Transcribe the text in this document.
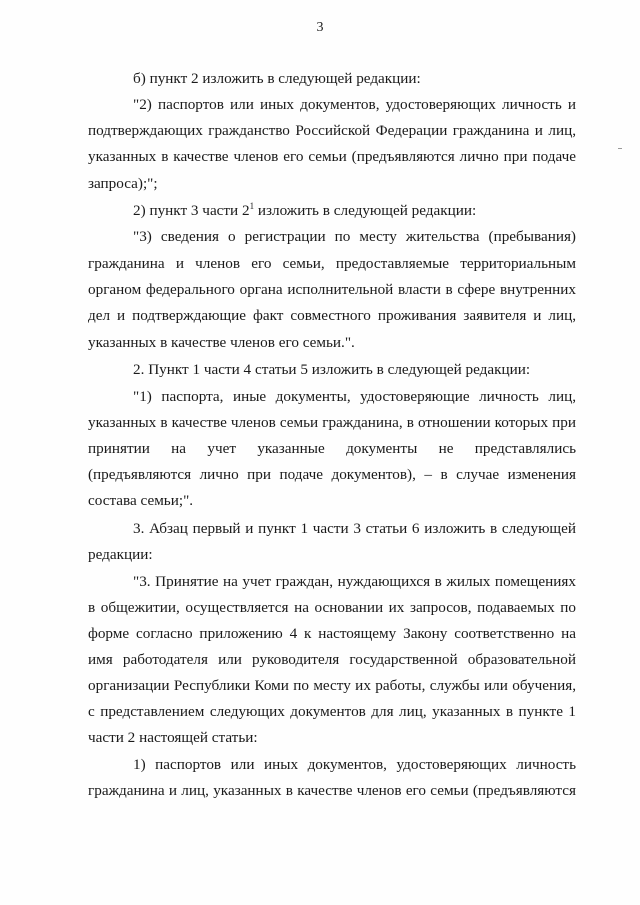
3
б) пункт 2 изложить в следующей редакции:
"2) паспортов или иных документов, удостоверяющих личность и
подтверждающих гражданство Российской Федерации гражданина и лиц,
указанных в качестве членов его семьи (предъявляются лично при подаче
запроса);";
2) пункт 3 части $2^1$ изложить в следующей редакции:
"3) сведения о регистрации по месту жительства (пребывания)
гражданина и членов его семьи, предоставляемые территориальным
органом федерального органа исполнительной власти в сфере внутренних
дел и подтверждающие факт совместного проживания заявителя и лиц,
указанных в качестве членов его семьи.".
2. Пункт 1 части 4 статьи 5 изложить в следующей редакции:
"1) паспорта, иные документы, удостоверяющие личность лиц,
указанных в качестве членов семьи гражданина, в отношении которых при
принятии на учет указанные документы не представлялись
(предъявляются лично при подаче документов), – в случае изменения
состава семьи;".
3. Абзац первый и пункт 1 части 3 статьи 6 изложить в следующей
редакции:
"3. Принятие на учет граждан, нуждающихся в жилых помещениях
в общежитии, осуществляется на основании их запросов, подаваемых по
форме согласно приложению 4 к настоящему Закону соответственно на
имя работодателя или руководителя государственной образовательной
организации Республики Коми по месту их работы, службы или обучения,
с представлением следующих документов для лиц, указанных в пункте 1
части 2 настоящей статьи:
1) паспортов или иных документов, удостоверяющих личность
гражданина и лиц, указанных в качестве членов его семьи (предъявляются
